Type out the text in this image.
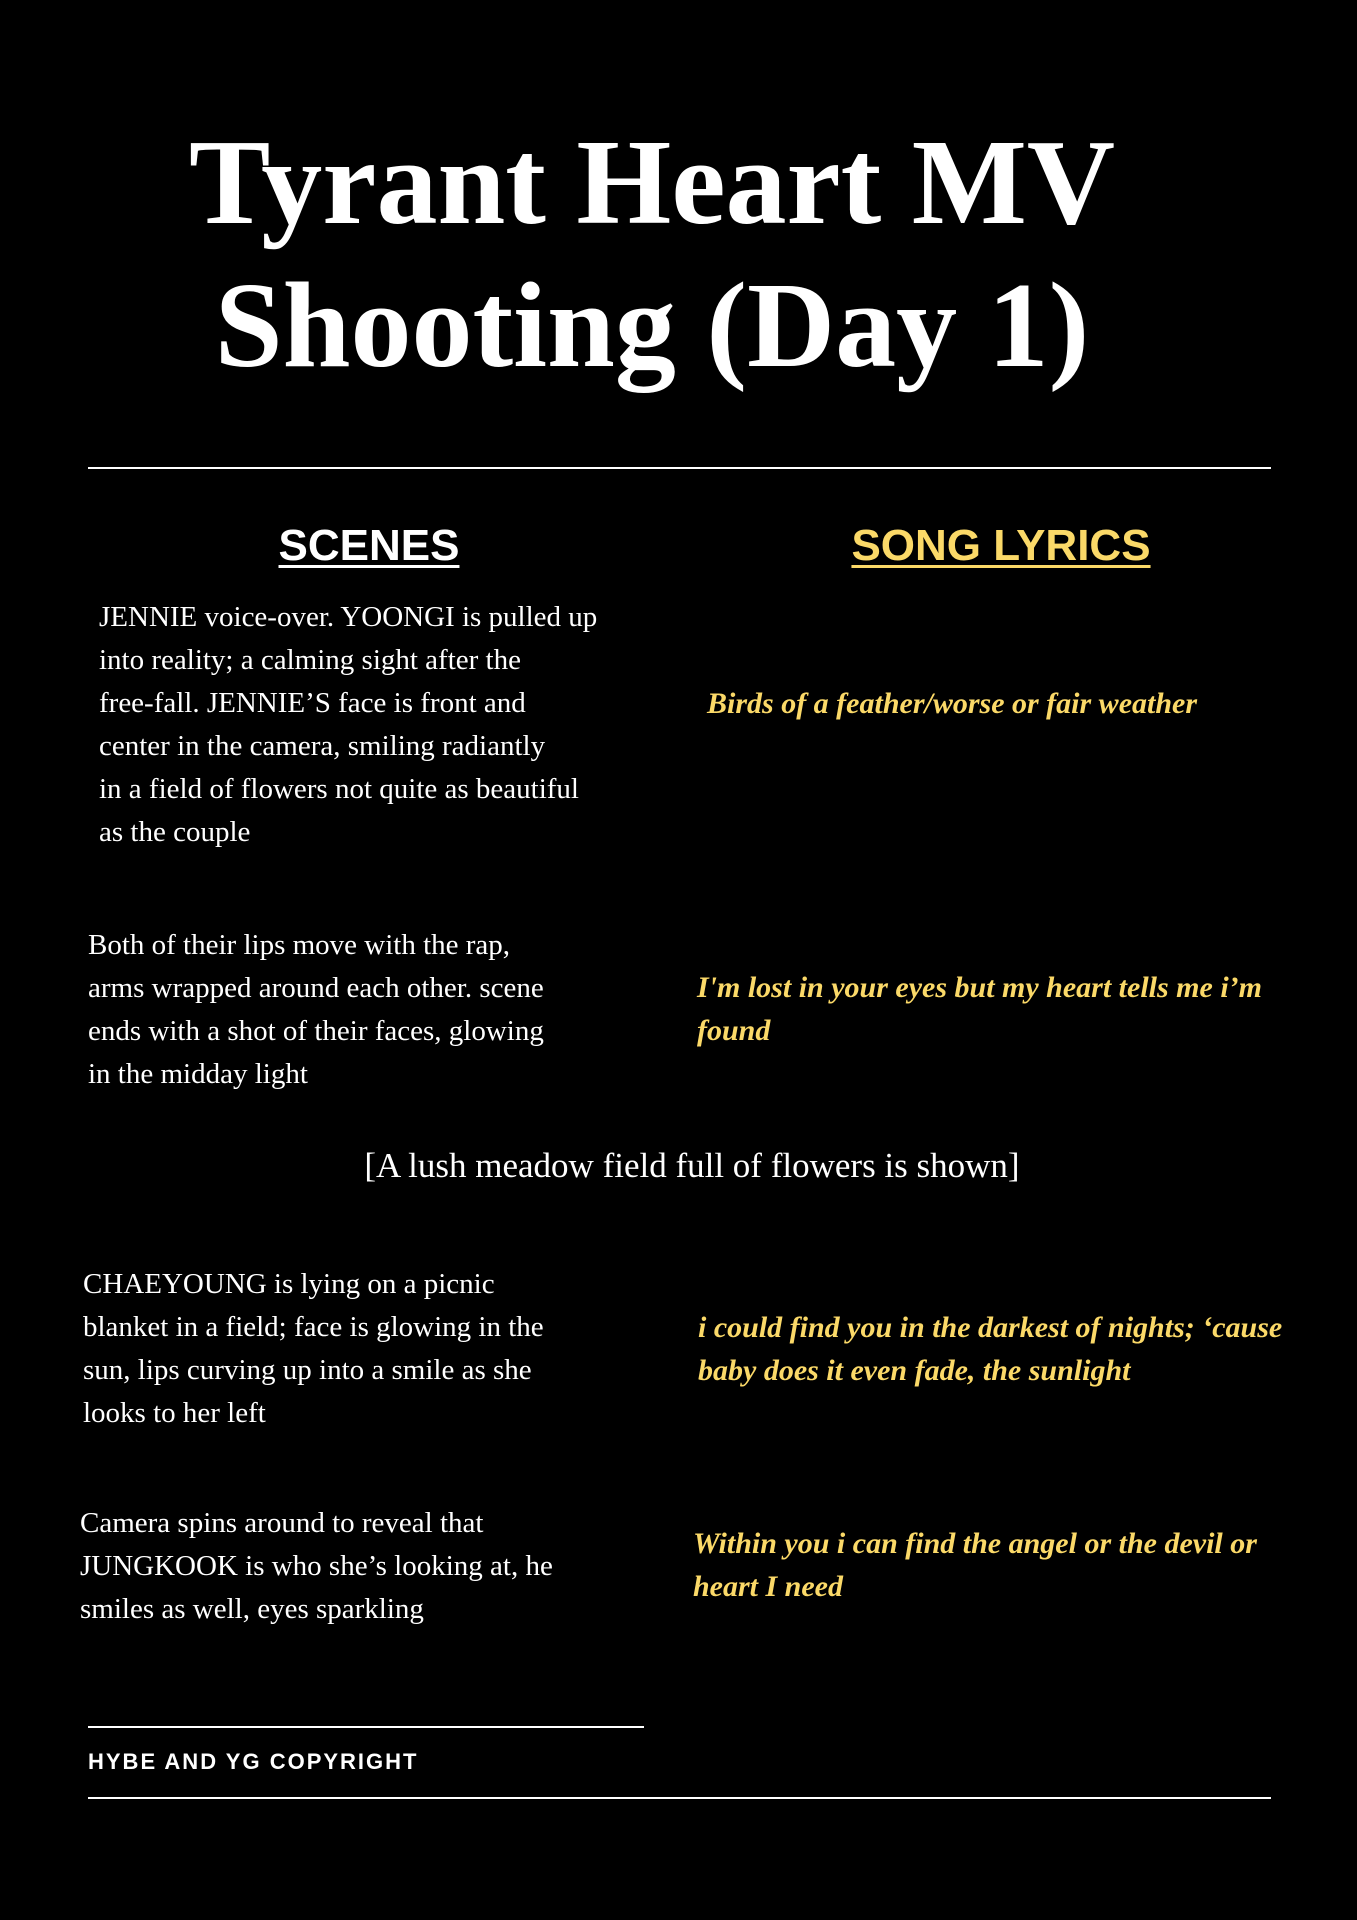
Tyrant Heart MV
Shooting (Day 1)
SCENES	SONG LYRICS
JENNIE voice-over. YOONGI is pulled up
into reality; a calming sight after the
free-fall. JENNIE’S face is front and
center in the camera, smiling radiantly
in a field of flowers not quite as beautiful
as the couple
Birds of a feather/worse or fair weather
Both of their lips move with the rap,
arms wrapped around each other. scene
ends with a shot of their faces, glowing
in the midday light
I'm lost in your eyes but my heart tells me i’m
found
[A lush meadow field full of flowers is shown]
CHAEYOUNG is lying on a picnic
blanket in a field; face is glowing in the
sun, lips curving up into a smile as she
looks to her left
i could find you in the darkest of nights; ‘cause
baby does it even fade, the sunlight
Camera spins around to reveal that
JUNGKOOK is who she’s looking at, he
smiles as well, eyes sparkling
Within you i can find the angel or the devil or
heart I need
HYBE AND YG COPYRIGHT
